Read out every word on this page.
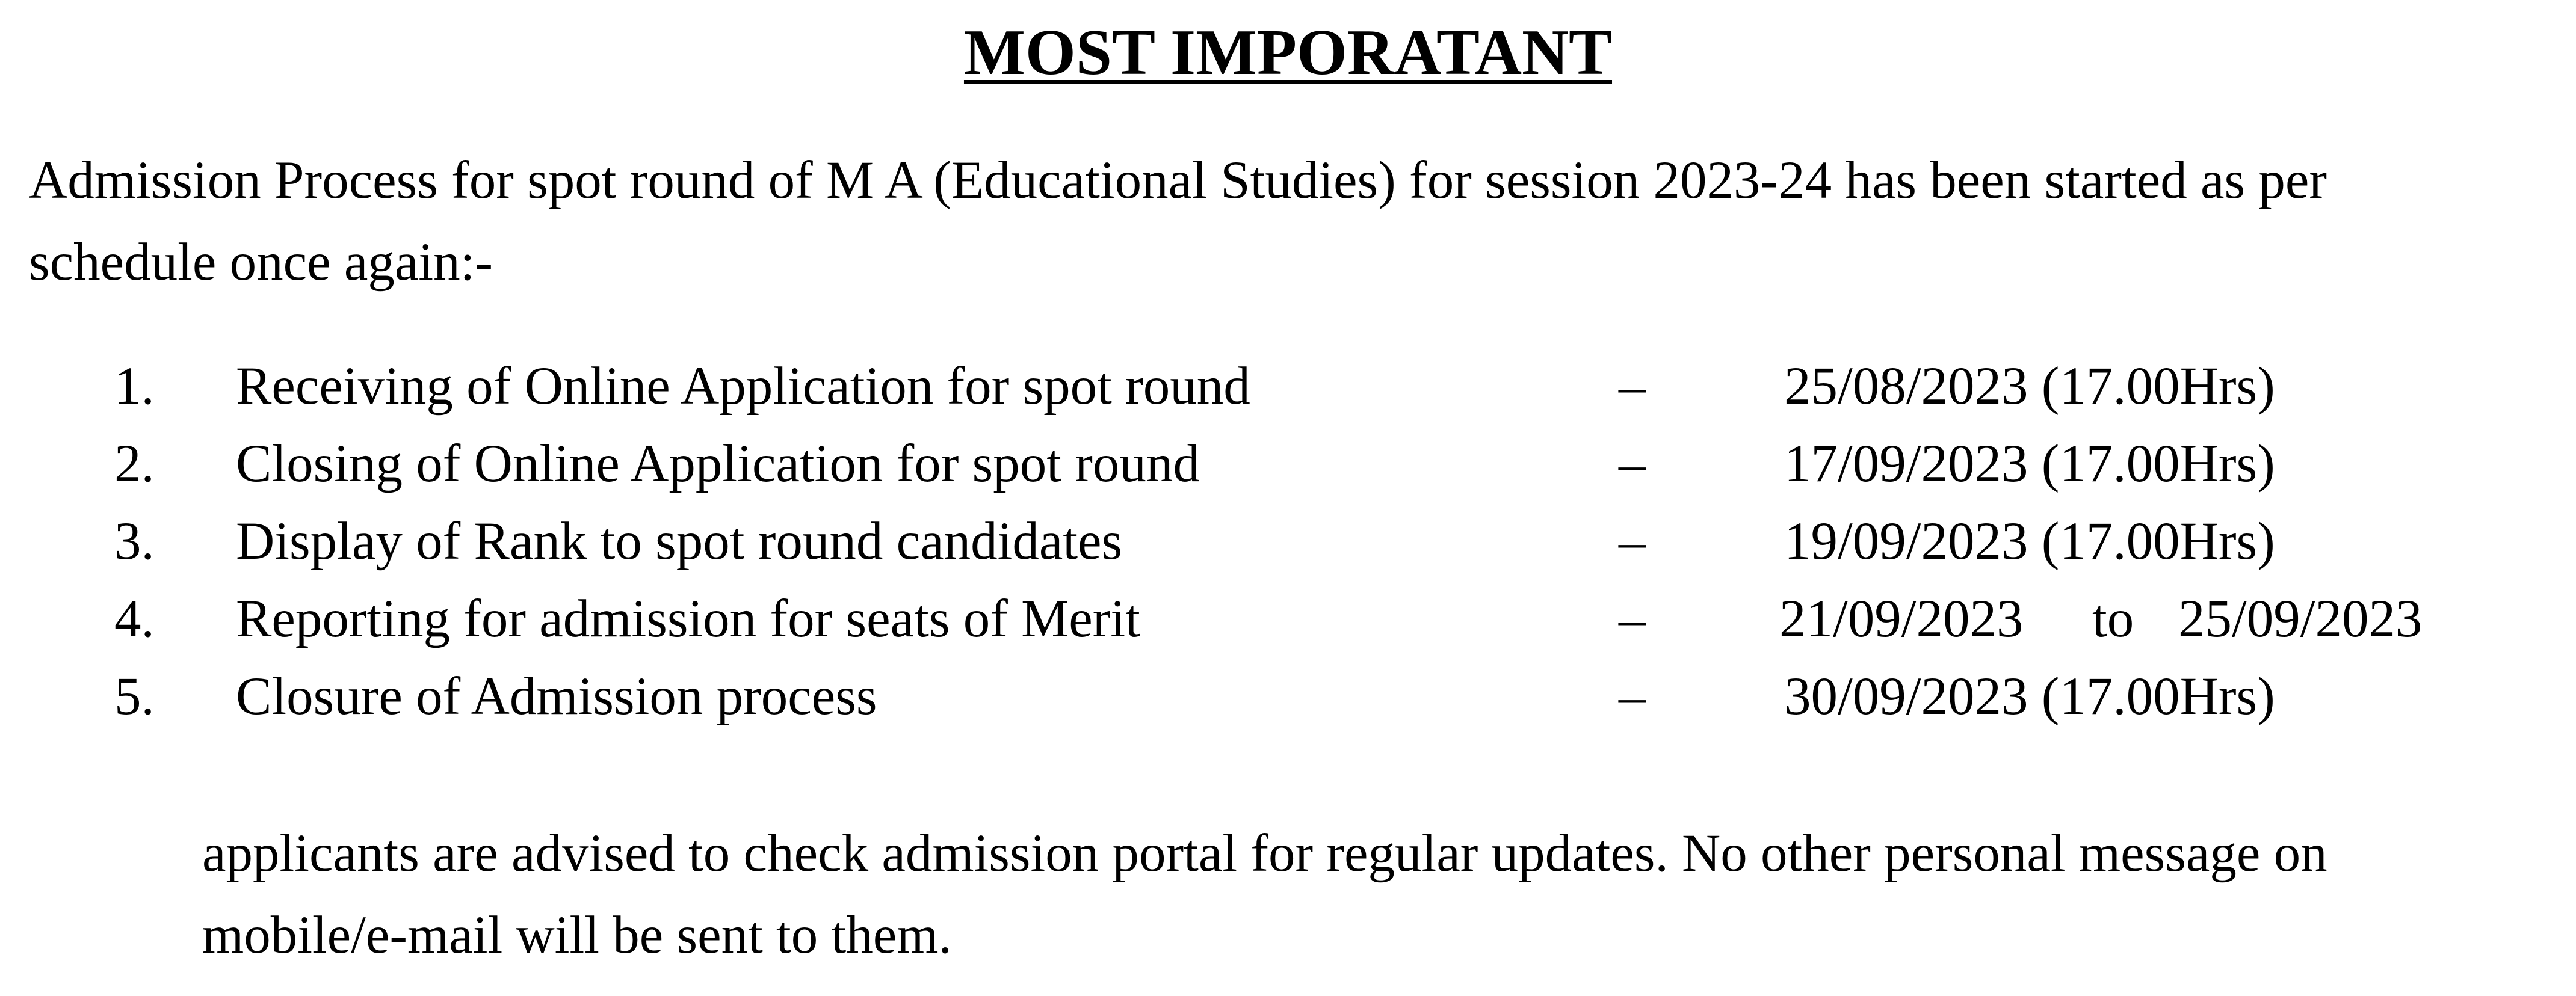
MOST IMPORATANT

Admission Process for spot round of M A (Educational Studies) for session 2023-24 has been started as per
schedule once again:-

1. Receiving of Online Application for spot round	–	25/08/2023 (17.00Hrs)
2. Closing of Online Application for spot round	–	17/09/2023 (17.00Hrs)
3. Display of Rank to spot round candidates	–	19/09/2023 (17.00Hrs)
4. Reporting for admission for seats of Merit	–	21/09/2023 to 25/09/2023
5. Closure of Admission process	–	30/09/2023 (17.00Hrs)

applicants are advised to check admission portal for regular updates. No other personal message on
mobile/e-mail will be sent to them.
